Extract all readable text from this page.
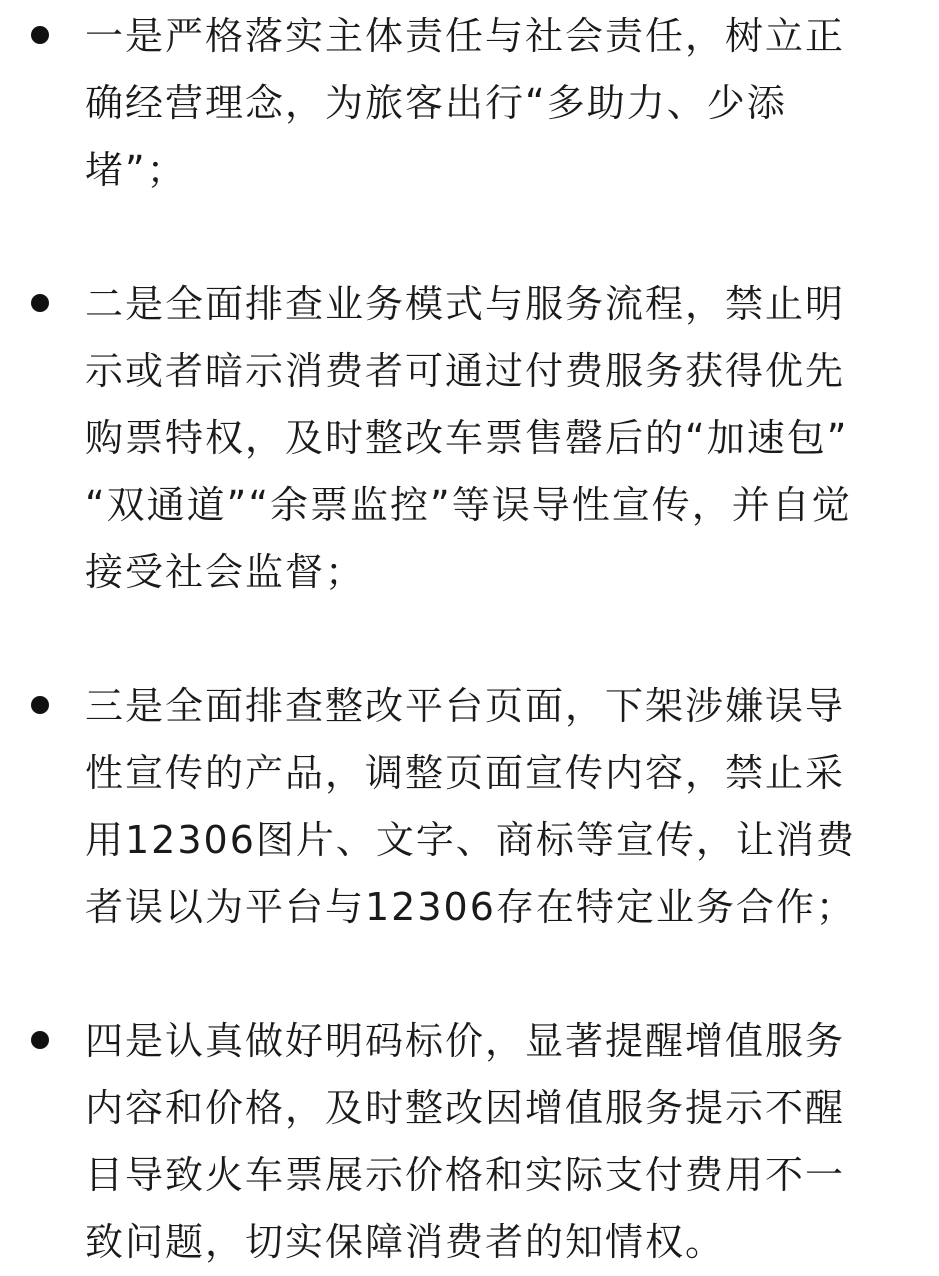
一是严格落实主体责任与社会责任，树立正
确经营理念，为旅客出行“多助力、少添
堵”；
二是全面排查业务模式与服务流程，禁止明
示或者暗示消费者可通过付费服务获得优先
购票特权，及时整改车票售罄后的“加速包”
“双通道”“余票监控”等误导性宣传，并自觉
接受社会监督；
三是全面排查整改平台页面，下架涉嫌误导
性宣传的产品，调整页面宣传内容，禁止采
用12306图片、文字、商标等宣传，让消费
者误以为平台与12306存在特定业务合作；
四是认真做好明码标价，显著提醒增值服务
内容和价格，及时整改因增值服务提示不醒
目导致火车票展示价格和实际支付费用不一
致问题，切实保障消费者的知情权。
